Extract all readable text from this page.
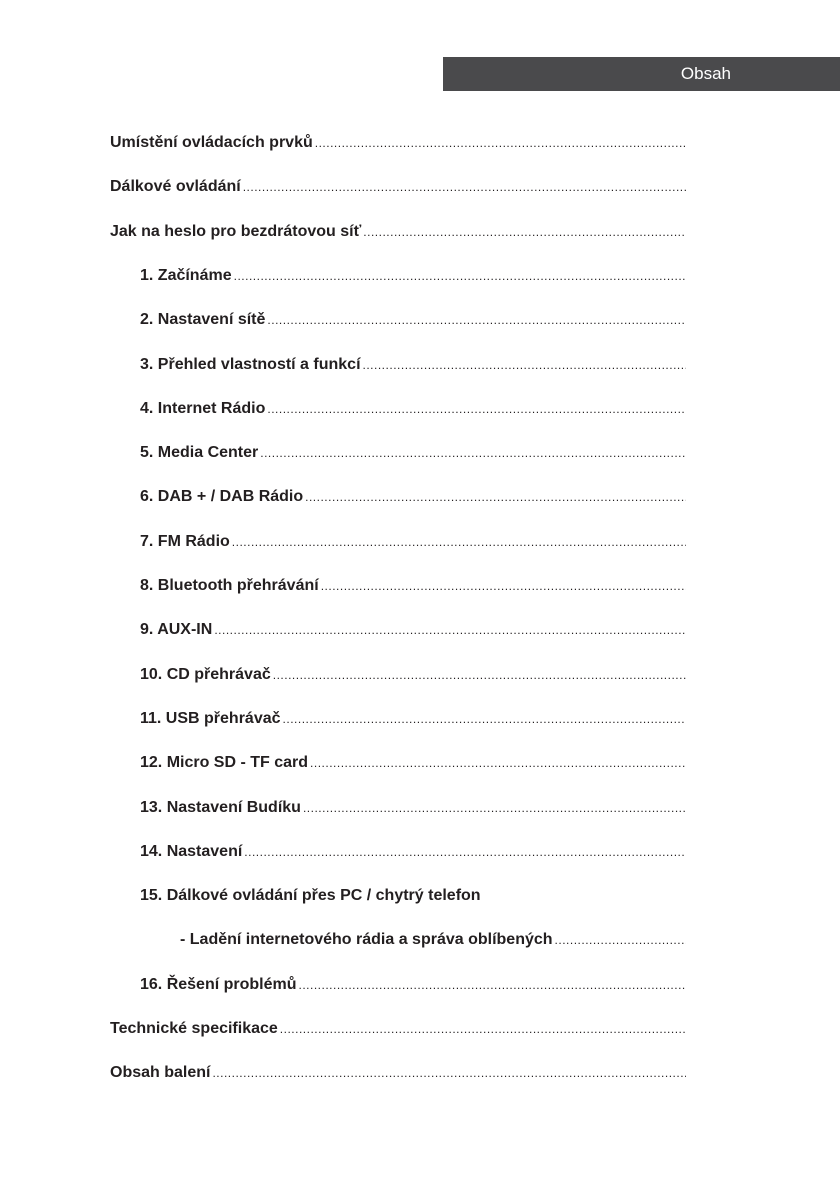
Obsah
Umístění ovládacích prvků
.....
Dálkové ovládání
.....
Jak na heslo pro bezdrátovou síť
.....
1. Začínáme
.....
2. Nastavení sítě
.....
3. Přehled vlastností a funkcí
.....
4. Internet Rádio
.....
5. Media Center
.....
6. DAB + / DAB Rádio
.....
7. FM Rádio
.....
8. Bluetooth přehrávání
.....
9. AUX-IN
.....
10. CD přehrávač
.....
11. USB přehrávač
.....
12. Micro SD - TF card
.....
13. Nastavení Budíku
.....
14. Nastavení
.....
15. Dálkové ovládání přes PC / chytrý telefon
- Ladění internetového rádia a správa oblíbených
.....
16. Řešení problémů
.....
Technické specifikace
.....
Obsah balení
.....
